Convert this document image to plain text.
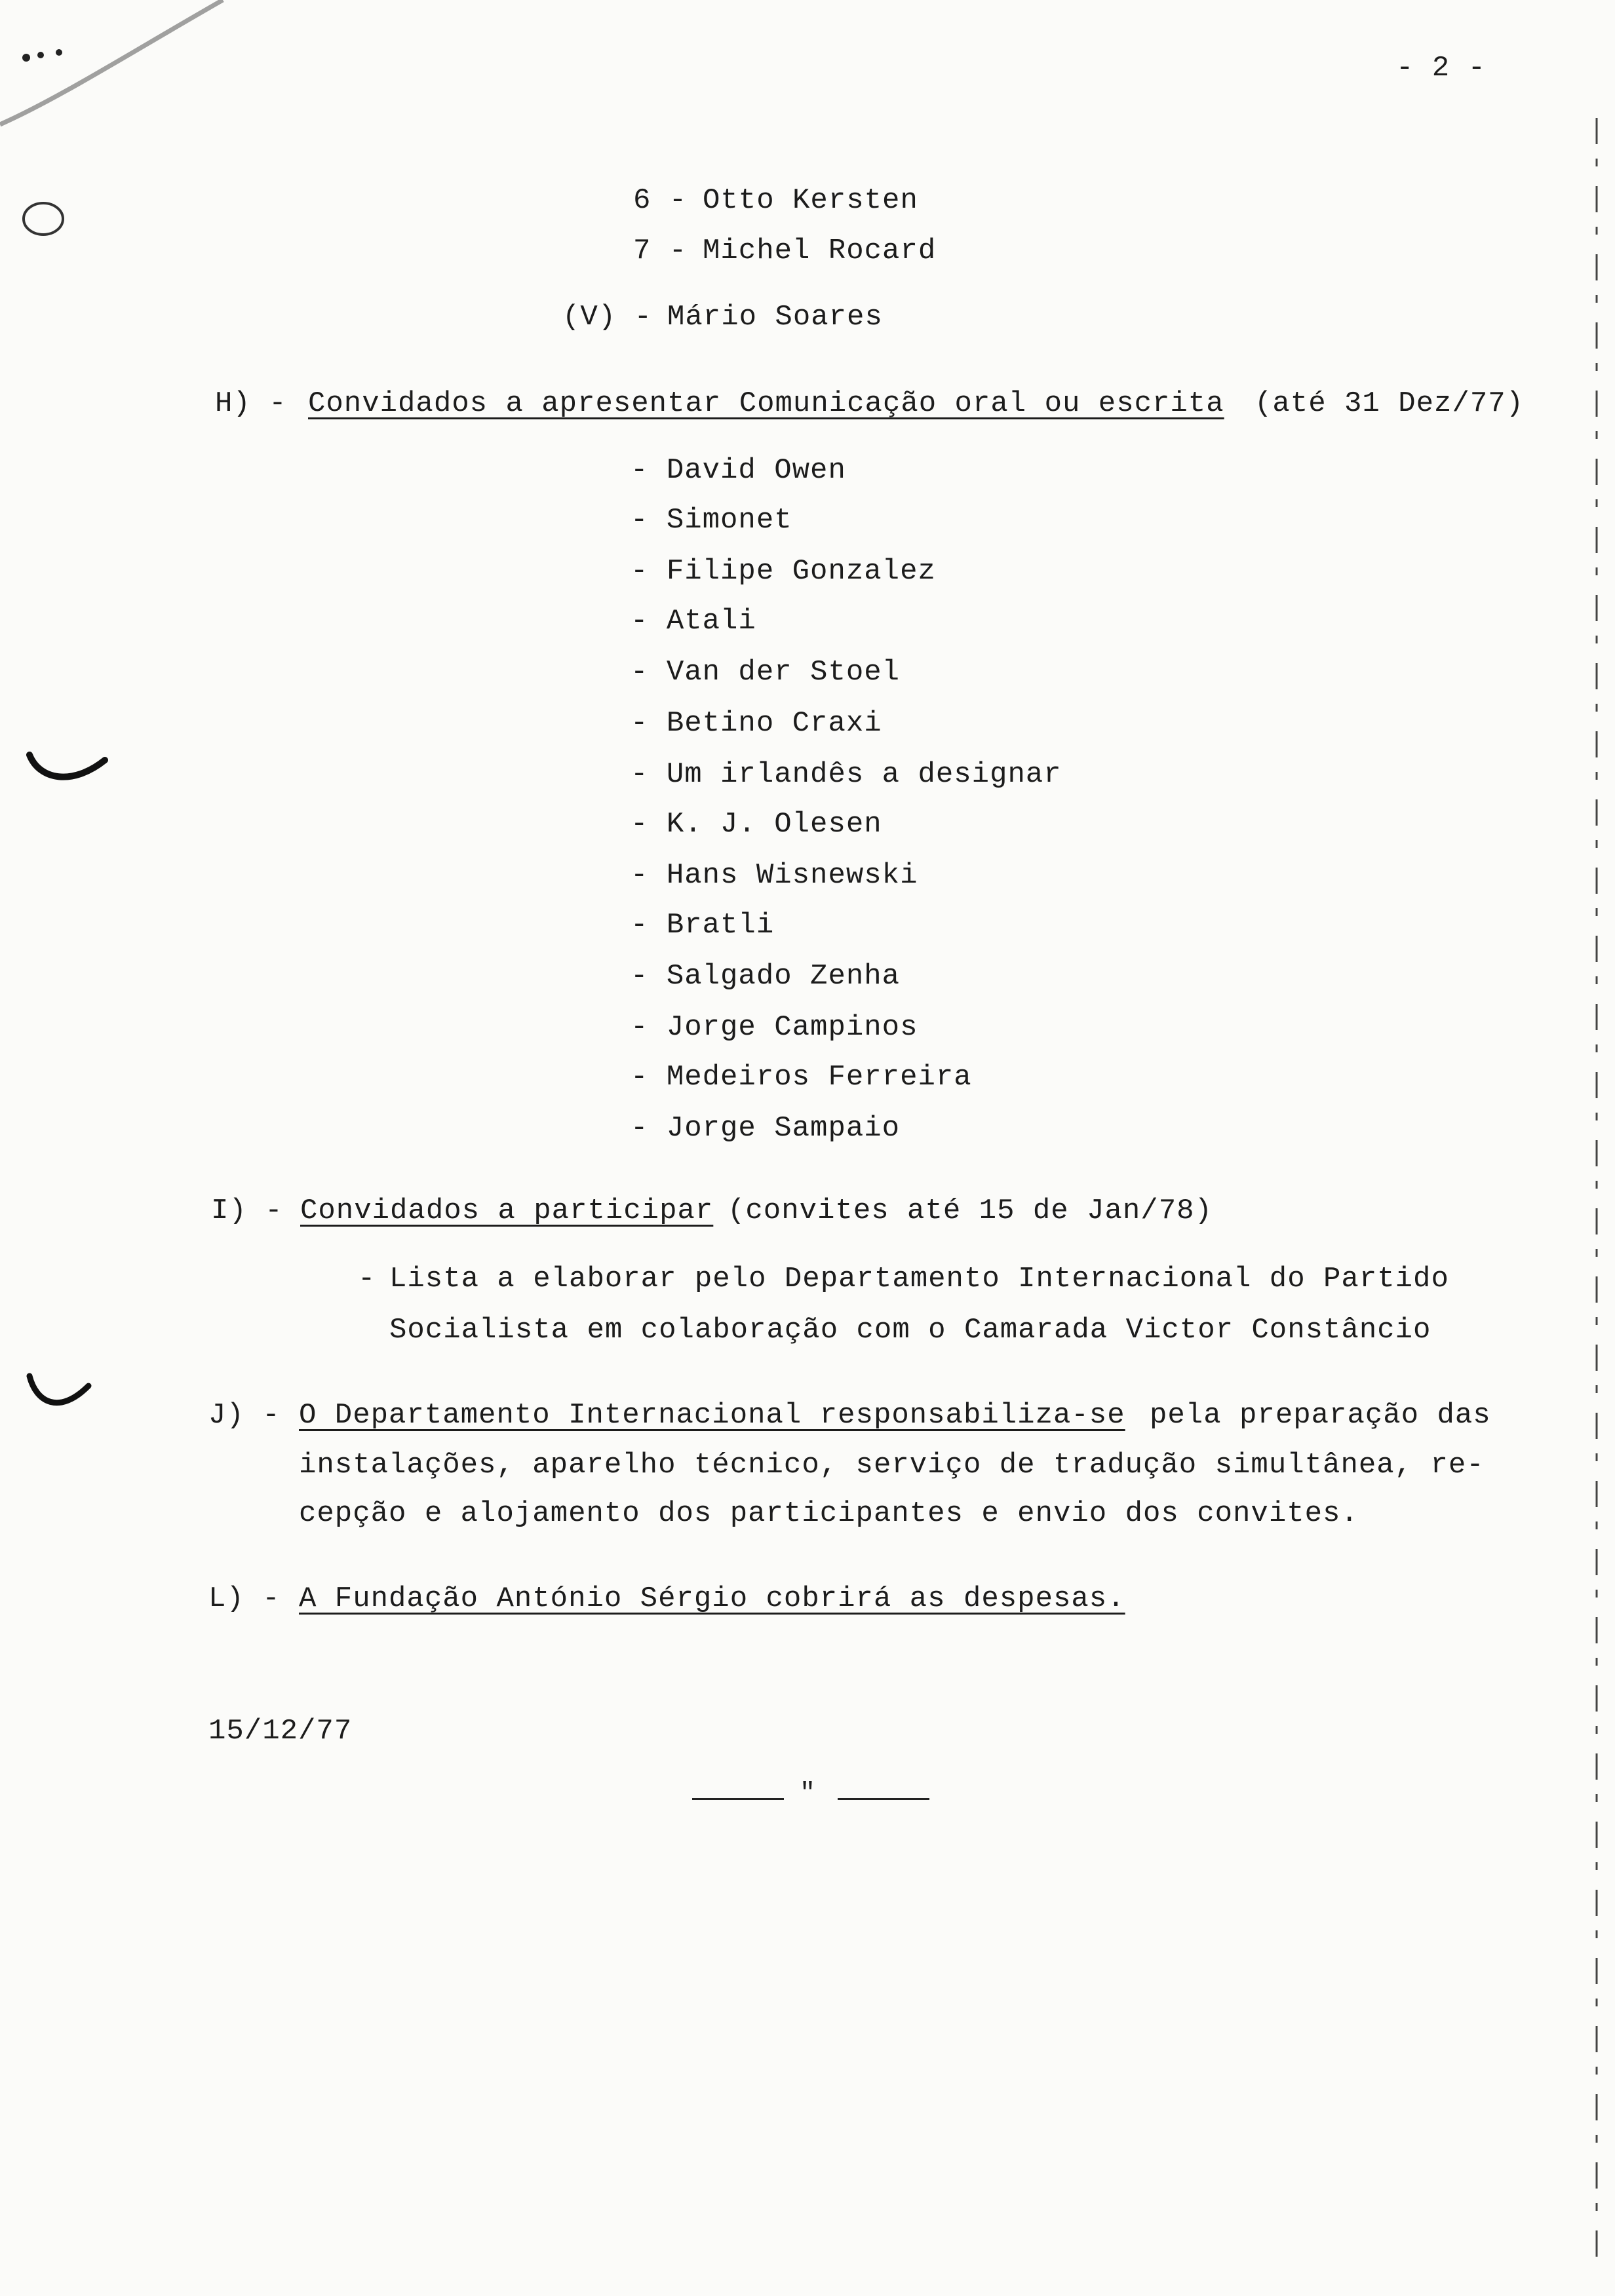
- 2 -
6 - Otto Kersten
7 - Michel Rocard
(V) - Mário Soares
H) - Convidados a apresentar Comunicação oral ou escrita (até 31 Dez/77)
- David Owen
- Simonet
- Filipe Gonzalez
- Atali
- Van der Stoel
- Betino Craxi
- Um irlandês a designar
- K. J. Olesen
- Hans Wisnewski
- Bratli
- Salgado Zenha
- Jorge Campinos
- Medeiros Ferreira
- Jorge Sampaio
I) - Convidados a participar (convites até 15 de Jan/78)
- Lista a elaborar pelo Departamento Internacional do Partido
Socialista em colaboração com o Camarada Victor Constâncio
J) - O Departamento Internacional responsabiliza-se pela preparação das
instalações, aparelho técnico, serviço de tradução simultânea, re-
cepção e alojamento dos participantes e envio dos convites.
L) - A Fundação António Sérgio cobrirá as despesas.
15/12/77
"
